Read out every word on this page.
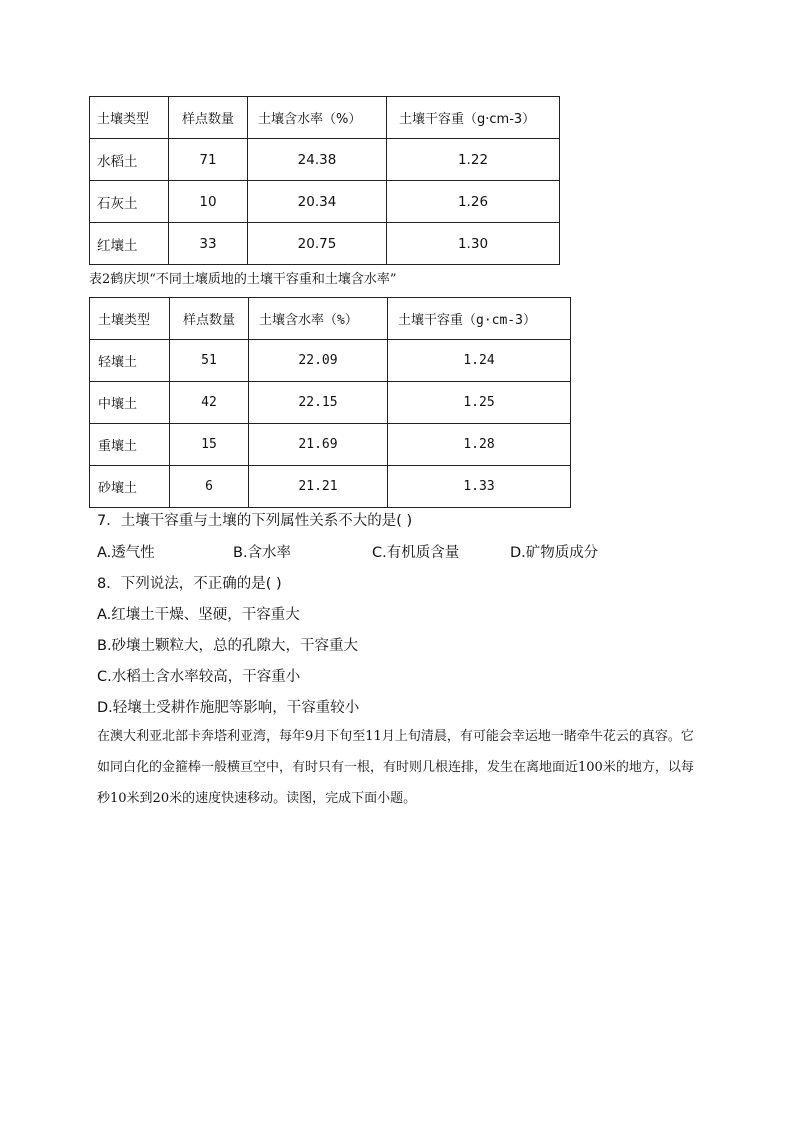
土壤类型	样点数量	土壤含水率（%）	土壤干容重（g·cm-3）
水稻土	71	24.38	1.22
石灰土	10	20.34	1.26
红壤土	33	20.75	1.30
表2鹤庆坝“不同土壤质地的土壤干容重和土壤含水率”
土壤类型	样点数量	土壤含水率（%）	土壤干容重（g·cm-3）
轻壤土	51	22.09	1.24
中壤土	42	22.15	1.25
重壤土	15	21.69	1.28
砂壤土	6	21.21	1.33
7．土壤干容重与土壤的下列属性关系不大的是( )
A.透气性	B.含水率	C.有机质含量	D.矿物质成分
8．下列说法，不正确的是( )
A.红壤土干燥、坚硬，干容重大
B.砂壤土颗粒大，总的孔隙大，干容重大
C.水稻土含水率较高，干容重小
D.轻壤土受耕作施肥等影响，干容重较小
在澳大利亚北部卡奔塔利亚湾，每年9月下旬至11月上旬清晨，有可能会幸运地一睹牵牛花云的真容。它如同白化的金箍棒一般横亘空中，有时只有一根，有时则几根连排，发生在离地面近100米的地方，以每秒10米到20米的速度快速移动。读图，完成下面小题。
